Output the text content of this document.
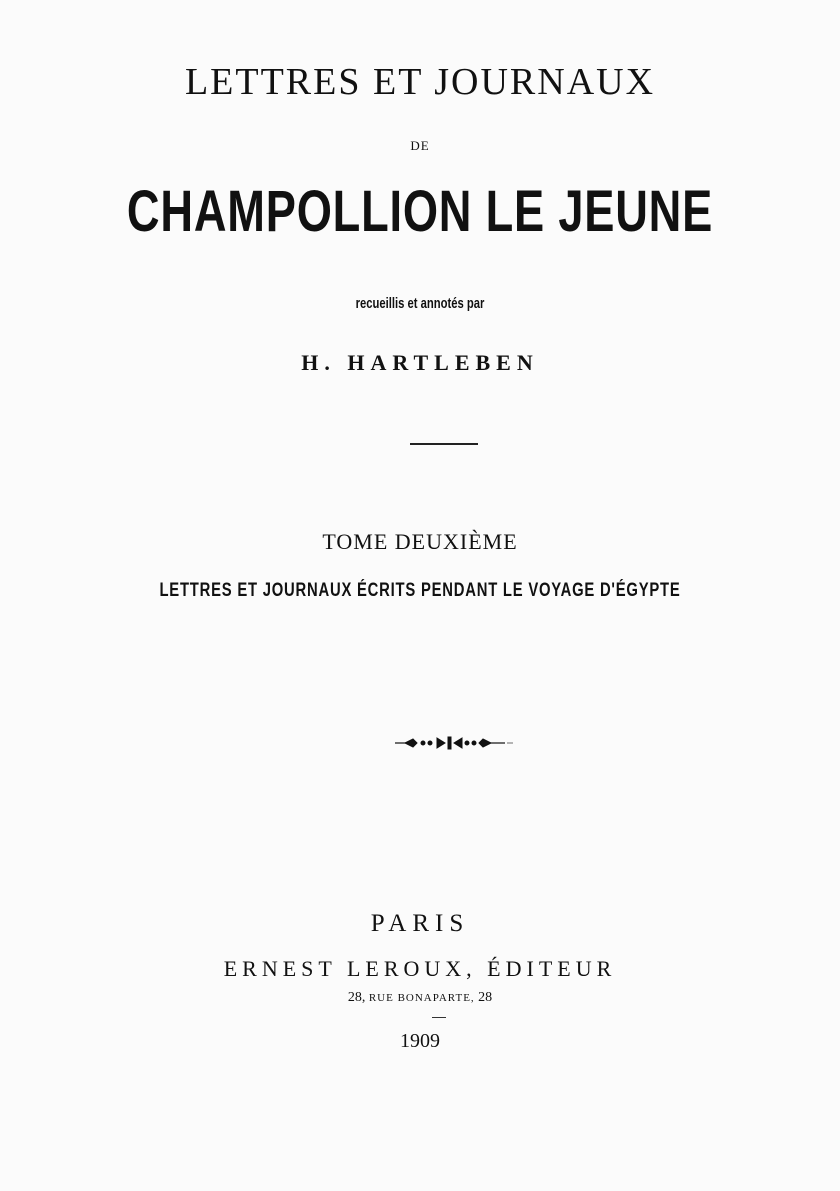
LETTRES ET JOURNAUX
DE
CHAMPOLLION LE JEUNE
recueillis et annotés par
H. HARTLEBEN
TOME DEUXIÈME
LETTRES ET JOURNAUX ÉCRITS PENDANT LE VOYAGE D'ÉGYPTE
PARIS
ERNEST LEROUX, ÉDITEUR
28, RUE BONAPARTE, 28
1909
